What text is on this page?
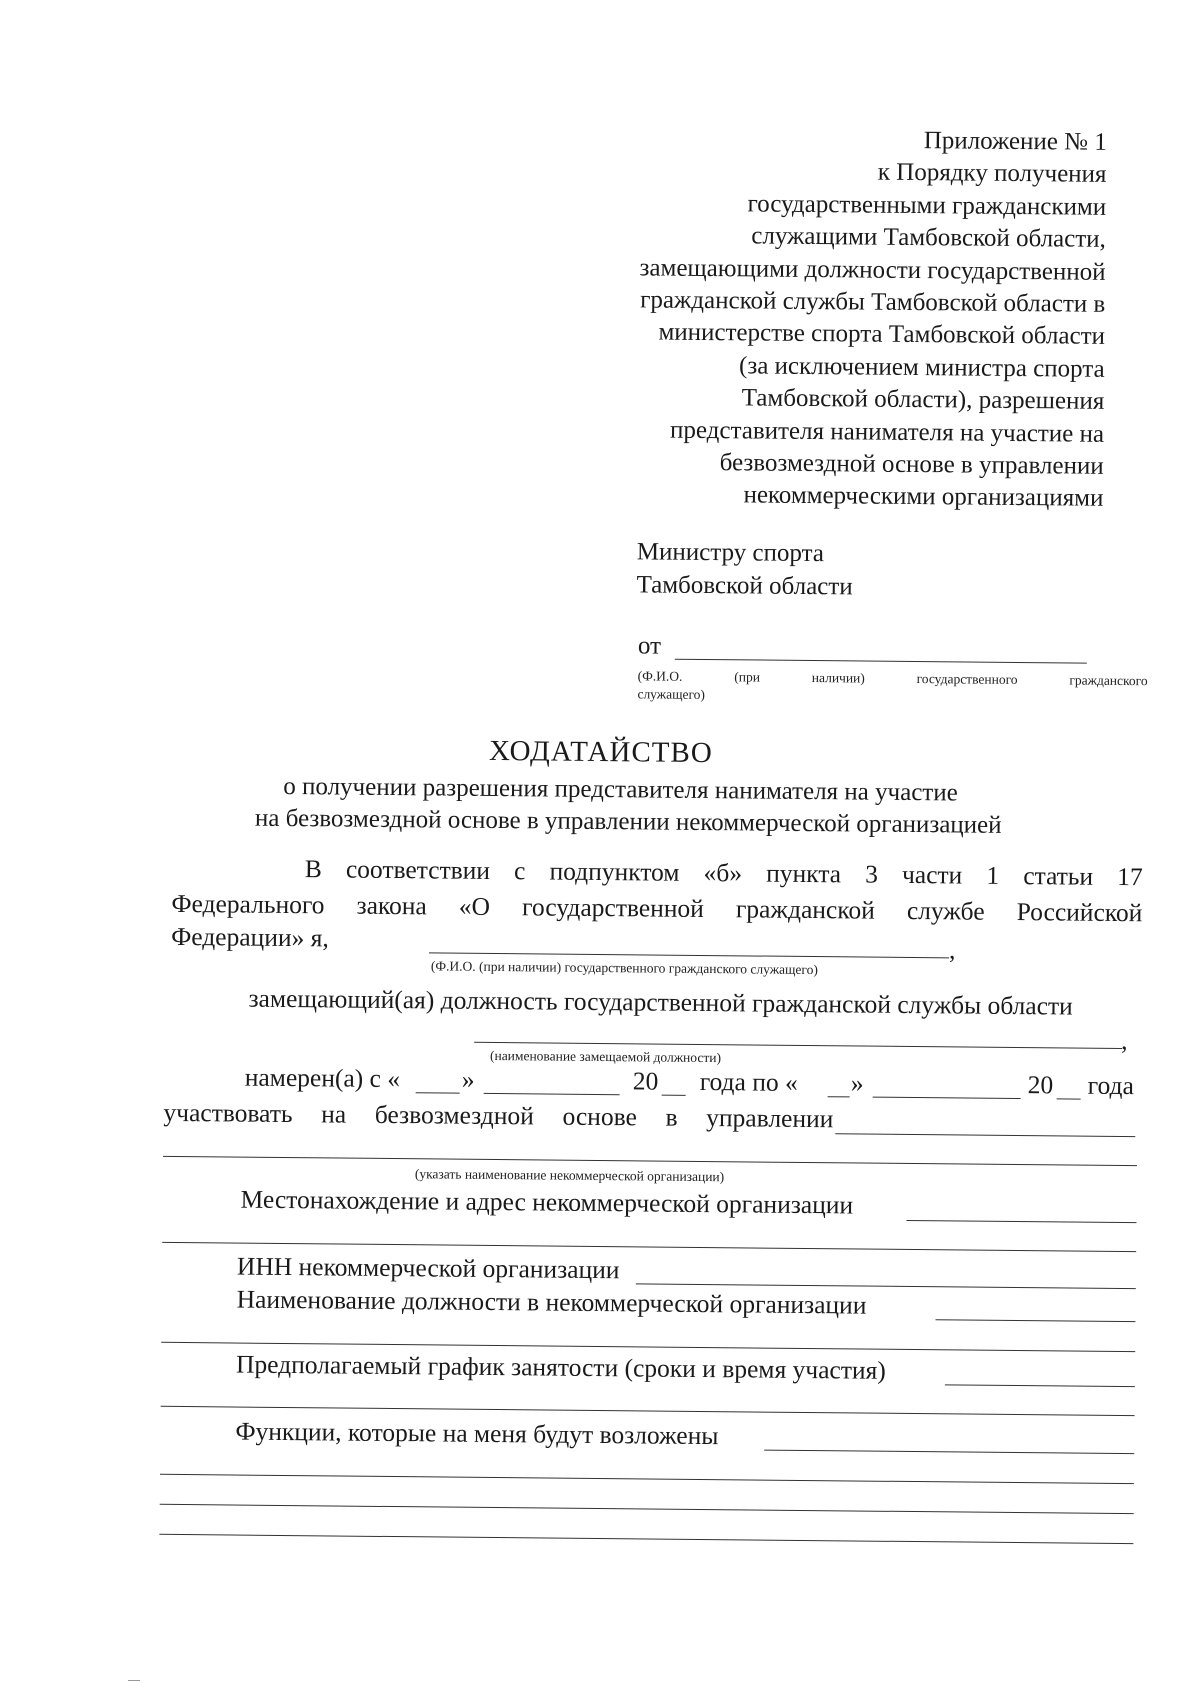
Приложение № 1
к Порядку получения
государственными гражданскими
служащими Тамбовской области,
замещающими должности государственной
гражданской службы Тамбовской области в
министерстве спорта Тамбовской области
(за исключением министра спорта
Тамбовской области), разрешения
представителя нанимателя на участие на
безвозмездной основе в управлении
некоммерческими организациями
Министру спорта
Тамбовской области
от
(Ф.И.О.	(при	наличии)	государственного	гражданского
служащего)
ХОДАТАЙСТВО
о получении разрешения представителя нанимателя на участие
на безвозмездной основе в управлении некоммерческой организацией
В соответствии с подпунктом «б» пункта 3 части 1 статьи 17
Федерального закона «О государственной гражданской службе Российской
Федерации» я,	,
(Ф.И.О. (при наличии) государственного гражданского служащего)
замещающий(ая) должность государственной гражданской службы области
,
(наименование замещаемой должности)
намерен(а) с « »	20 года по « »	20 года
участвовать на безвозмездной основе в управлении
(указать наименование некоммерческой организации)
Местонахождение и адрес некоммерческой организации
ИНН некоммерческой организации
Наименование должности в некоммерческой организации
Предполагаемый график занятости (сроки и время участия)
Функции, которые на меня будут возложены
